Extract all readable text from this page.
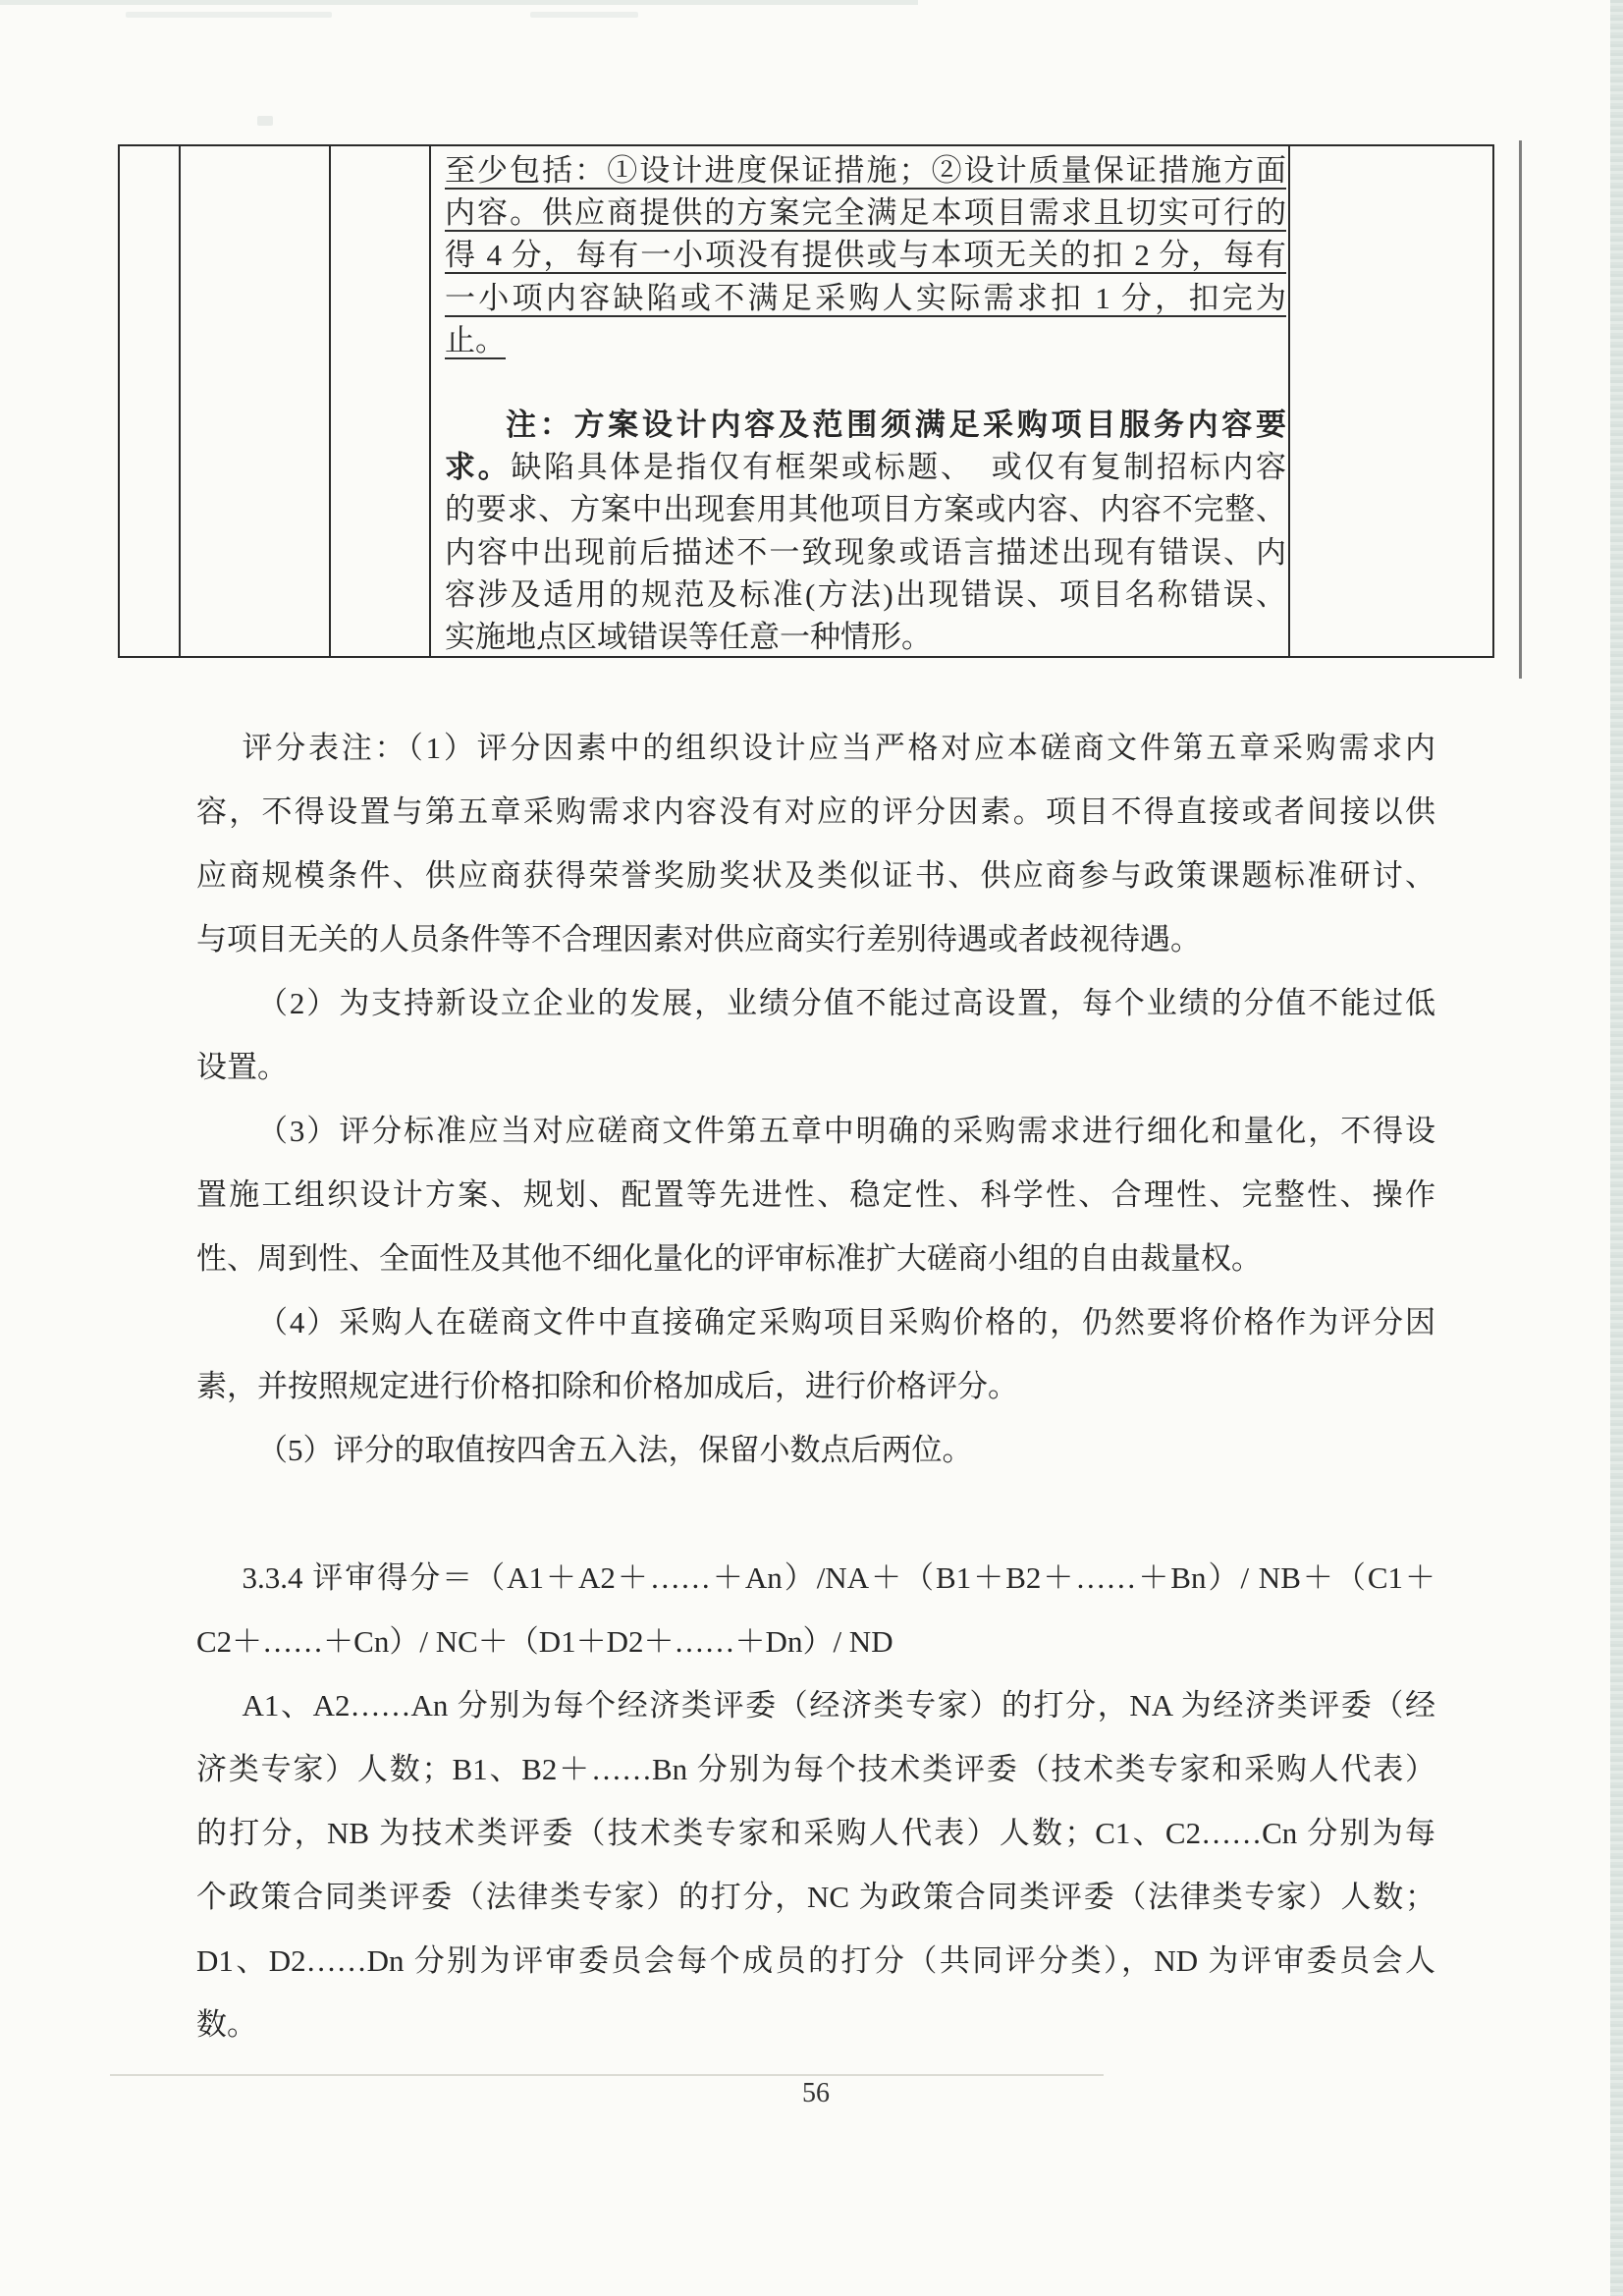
至少包括：①设计进度保证措施；②设计质量保证措施方面
内容。供应商提供的方案完全满足本项目需求且切实可行的
得 4 分，每有一小项没有提供或与本项无关的扣 2 分，每有
一小项内容缺陷或不满足采购人实际需求扣 1 分，扣完为
止。
注：方案设计内容及范围须满足采购项目服务内容要
求。缺陷具体是指仅有框架或标题、　或仅有复制招标内容
的要求、方案中出现套用其他项目方案或内容、内容不完整、
内容中出现前后描述不一致现象或语言描述出现有错误、内
容涉及适用的规范及标准(方法)出现错误、项目名称错误、
实施地点区域错误等任意一种情形。
评分表注：（1）评分因素中的组织设计应当严格对应本磋商文件第五章采购需求内
容，不得设置与第五章采购需求内容没有对应的评分因素。项目不得直接或者间接以供
应商规模条件、供应商获得荣誉奖励奖状及类似证书、供应商参与政策课题标准研讨、
与项目无关的人员条件等不合理因素对供应商实行差别待遇或者歧视待遇。
（2）为支持新设立企业的发展，业绩分值不能过高设置，每个业绩的分值不能过低
设置。
（3）评分标准应当对应磋商文件第五章中明确的采购需求进行细化和量化，不得设
置施工组织设计方案、规划、配置等先进性、稳定性、科学性、合理性、完整性、操作
性、周到性、全面性及其他不细化量化的评审标准扩大磋商小组的自由裁量权。
（4）采购人在磋商文件中直接确定采购项目采购价格的，仍然要将价格作为评分因
素，并按照规定进行价格扣除和价格加成后，进行价格评分。
（5）评分的取值按四舍五入法，保留小数点后两位。
3.3.4 评审得分＝（A1＋A2＋……＋An）/NA＋（B1＋B2＋……＋Bn）/ NB＋（C1＋
C2＋……＋Cn）/ NC＋（D1＋D2＋……＋Dn）/ ND
A1、A2……An 分别为每个经济类评委（经济类专家）的打分，NA 为经济类评委（经
济类专家）人数；B1、B2＋……Bn 分别为每个技术类评委（技术类专家和采购人代表）
的打分，NB 为技术类评委（技术类专家和采购人代表）人数；C1、C2……Cn 分别为每
个政策合同类评委（法律类专家）的打分，NC 为政策合同类评委（法律类专家）人数；
D1、D2……Dn 分别为评审委员会每个成员的打分（共同评分类），ND 为评审委员会人
数。
56
